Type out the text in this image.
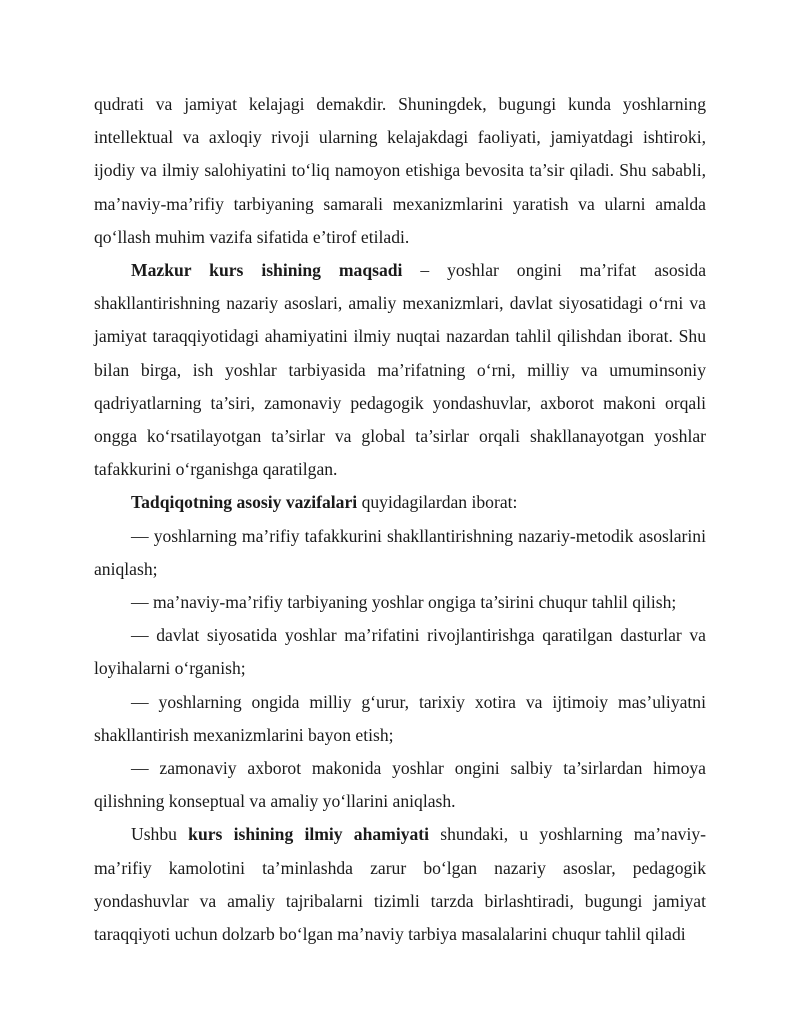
qudrati va jamiyat kelajagi demakdir. Shuningdek, bugungi kunda yoshlarning intellektual va axloqiy rivoji ularning kelajakdagi faoliyati, jamiyatdagi ishtiroki, ijodiy va ilmiy salohiyatini to‘liq namoyon etishiga bevosita ta’sir qiladi. Shu sababli, ma’naviy-ma’rifiy tarbiyaning samarali mexanizmlarini yaratish va ularni amalda qo‘llash muhim vazifa sifatida e’tirof etiladi.

Mazkur kurs ishining maqsadi – yoshlar ongini ma’rifat asosida shakllantirishning nazariy asoslari, amaliy mexanizmlari, davlat siyosatidagi o‘rni va jamiyat taraqqiyotidagi ahamiyatini ilmiy nuqtai nazardan tahlil qilishdan iborat. Shu bilan birga, ish yoshlar tarbiyasida ma’rifatning o‘rni, milliy va umuminsoniy qadriyatlarning ta’siri, zamonaviy pedagogik yondashuvlar, axborot makoni orqali ongga ko‘rsatilayotgan ta’sirlar va global ta’sirlar orqali shakllanayotgan yoshlar tafakkurini o‘rganishga qaratilgan.

Tadqiqotning asosiy vazifalari quyidagilardan iborat:

— yoshlarning ma’rifiy tafakkurini shakllantirishning nazariy-metodik asoslarini aniqlash;

— ma’naviy-ma’rifiy tarbiyaning yoshlar ongiga ta’sirini chuqur tahlil qilish;

— davlat siyosatida yoshlar ma’rifatini rivojlantirishga qaratilgan dasturlar va loyihalarni o‘rganish;

— yoshlarning ongida milliy g‘urur, tarixiy xotira va ijtimoiy mas’uliyatni shakllantirish mexanizmlarini bayon etish;

— zamonaviy axborot makonida yoshlar ongini salbiy ta’sirlardan himoya qilishning konseptual va amaliy yo‘llarini aniqlash.

Ushbu kurs ishining ilmiy ahamiyati shundaki, u yoshlarning ma’naviy-ma’rifiy kamolotini ta’minlashda zarur bo‘lgan nazariy asoslar, pedagogik yondashuvlar va amaliy tajribalarni tizimli tarzda birlashtiradi, bugungi jamiyat taraqqiyoti uchun dolzarb bo‘lgan ma’naviy tarbiya masalalarini chuqur tahlil qiladi
